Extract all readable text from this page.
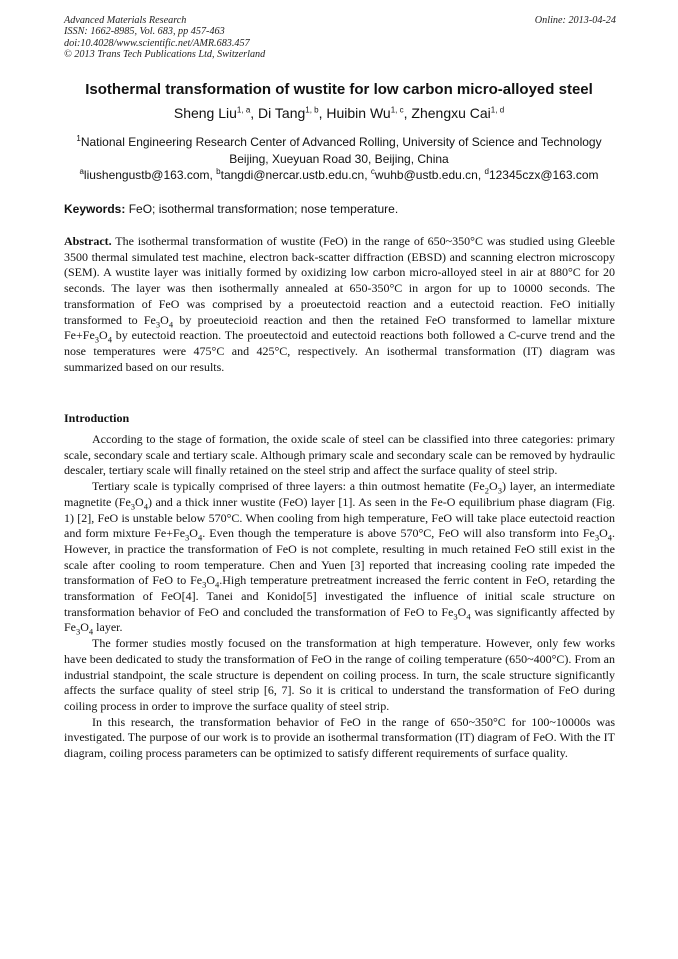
Advanced Materials Research
ISSN: 1662-8985, Vol. 683, pp 457-463
doi:10.4028/www.scientific.net/AMR.683.457
© 2013 Trans Tech Publications Ltd, Switzerland
Online: 2013-04-24
Isothermal transformation of wustite for low carbon micro-alloyed steel
Sheng Liu$^{1, a}$, Di Tang$^{1, b}$, Huibin Wu$^{1, c}$, Zhengxu Cai$^{1, d}$
$^1$National Engineering Research Center of Advanced Rolling, University of Science and Technology
Beijing, Xueyuan Road 30, Beijing, China
$^a$liushengustb@163.com, $^b$tangdi@nercar.ustb.edu.cn, $^c$wuhb@ustb.edu.cn, $^d$12345czx@163.com
Keywords: FeO; isothermal transformation; nose temperature.
Abstract. The isothermal transformation of wustite (FeO) in the range of 650~350°C was studied using Gleeble 3500 thermal simulated test machine, electron back-scatter diffraction (EBSD) and scanning electron microscopy (SEM). A wustite layer was initially formed by oxidizing low carbon micro-alloyed steel in air at 880°C for 20 seconds. The layer was then isothermally annealed at 650-350°C in argon for up to 10000 seconds. The transformation of FeO was comprised by a proeutectoid reaction and a eutectoid reaction. FeO initially transformed to $Fe_3O_4$ by proeutecioid reaction and then the retained FeO transformed to lamellar mixture $Fe+Fe_3O_4$ by eutectoid reaction. The proeutectoid and eutectoid reactions both followed a C-curve trend and the nose temperatures were 475°C and 425°C, respectively. An isothermal transformation (IT) diagram was summarized based on our results.
Introduction

According to the stage of formation, the oxide scale of steel can be classified into three categories: primary scale, secondary scale and tertiary scale. Although primary scale and secondary scale can be removed by hydraulic descaler, tertiary scale will finally retained on the steel strip and affect the surface quality of steel strip.

Tertiary scale is typically comprised of three layers: a thin outmost hematite $(Fe_2O_3)$ layer, an intermediate magnetite $(Fe_3O_4)$ and a thick inner wustite (FeO) layer [1]. As seen in the Fe-O equilibrium phase diagram (Fig. 1) [2], FeO is unstable below 570°C. When cooling from high temperature, FeO will take place eutectoid reaction and form mixture $Fe+Fe_3O_4$. Even though the temperature is above 570°C, FeO will also transform into $Fe_3O_4$. However, in practice the transformation of FeO is not complete, resulting in much retained FeO still exist in the scale after cooling to room temperature. Chen and Yuen [3] reported that increasing cooling rate impeded the transformation of FeO to $Fe_3O_4.High$ temperature pretreatment increased the ferric content in FeO, retarding the transformation of FeO[4]. Tanei and Konido[5] investigated the influence of initial scale structure on transformation behavior of FeO and concluded the transformation of FeO to $Fe_3O_4$ was significantly affected by $Fe_3O_4$ layer.

The former studies mostly focused on the transformation at high temperature. However, only few works have been dedicated to study the transformation of FeO in the range of coiling temperature (650~400°C). From an industrial standpoint, the scale structure is dependent on coiling process. In turn, the scale structure significantly affects the surface quality of steel strip [6, 7]. So it is critical to understand the transformation of FeO during coiling process in order to improve the surface quality of steel strip.

In this research, the transformation behavior of FeO in the range of 650~350°C for 100~10000s was investigated. The purpose of our work is to provide an isothermal transformation (IT) diagram of FeO. With the IT diagram, coiling process parameters can be optimized to satisfy different requirements of surface quality.
